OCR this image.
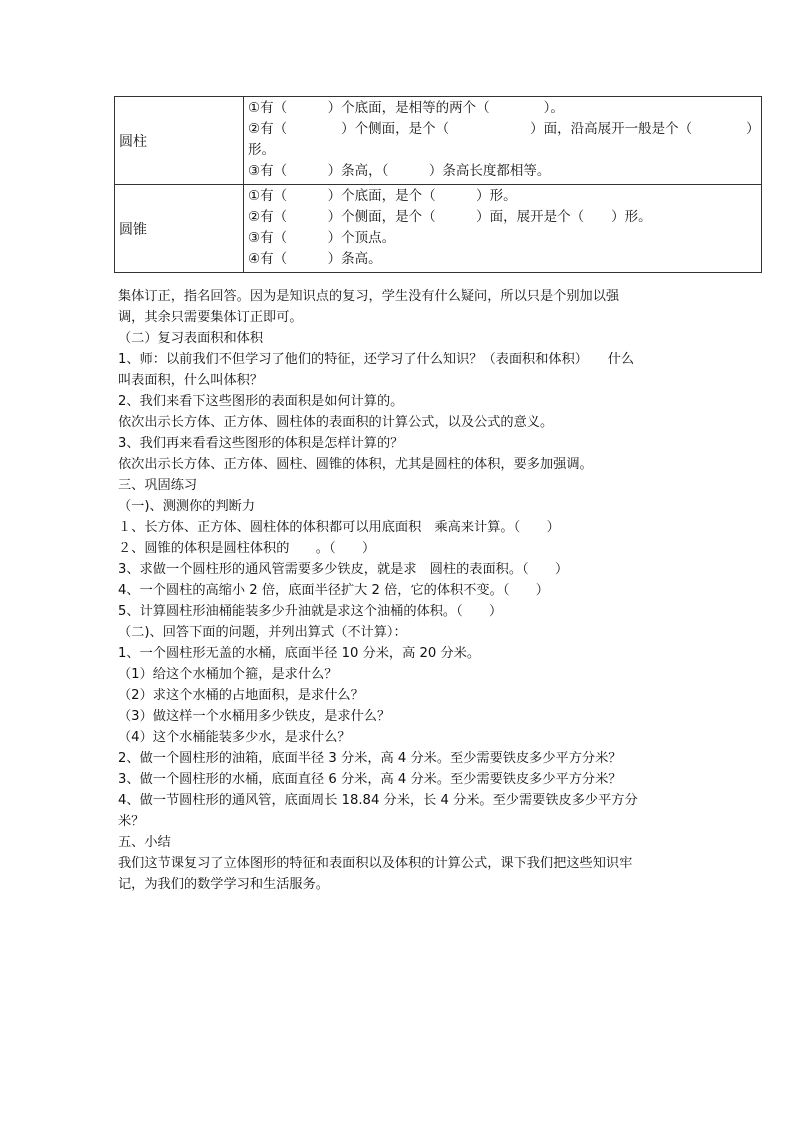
圆柱	①有（　　　）个底面，是相等的两个（　　　　）。
②有（　　　　）个侧面，是个（　　　　　　）面，沿高展开一般是个（　　　　）形。
③有（　　　）条高，（　　　）条高长度都相等。

圆锥	①有（　　　）个底面，是个（　　　）形。
②有（　　　）个侧面，是个（　　　）面，展开是个（　　）形。
③有（　　　）个顶点。
④有（　　　）条高。
集体订正，指名回答。因为是知识点的复习，学生没有什么疑问，所以只是个别加以强
调，其余只需要集体订正即可。
（二）复习表面积和体积
1、师：以前我们不但学习了他们的特征，还学习了什么知识？（表面积和体积）　　什么
叫表面积，什么叫体积？
2、我们来看下这些图形的表面积是如何计算的。
依次出示长方体、正方体、圆柱体的表面积的计算公式，以及公式的意义。
3、我们再来看看这些图形的体积是怎样计算的？
依次出示长方体、正方体、圆柱、圆锥的体积，尤其是圆柱的体积，要多加强调。
三、巩固练习
（一)、测测你的判断力
１、长方体、正方体、圆柱体的体积都可以用底面积　乘高来计算。（　　）
２、圆锥的体积是圆柱体积的　　。（　　）
3、求做一个圆柱形的通风管需要多少铁皮，就是求　圆柱的表面积。（　　）
4、一个圆柱的高缩小 2 倍，底面半径扩大 2 倍，它的体积不变。（　　）
5、计算圆柱形油桶能装多少升油就是求这个油桶的体积。（　　）
（二)、回答下面的问题，并列出算式（不计算）：
1、一个圆柱形无盖的水桶，底面半径 10 分米，高 20 分米。
（1）给这个水桶加个箍，是求什么？
（2）求这个水桶的占地面积，是求什么？
（3）做这样一个水桶用多少铁皮，是求什么？
（4）这个水桶能装多少水，是求什么？
2、做一个圆柱形的油箱，底面半径 3 分米，高 4 分米。至少需要铁皮多少平方分米？
3、做一个圆柱形的水桶，底面直径 6 分米，高 4 分米。至少需要铁皮多少平方分米？
4、做一节圆柱形的通风管，底面周长 18.84 分米，长 4 分米。至少需要铁皮多少平方分
米？
五、小结
我们这节课复习了立体图形的特征和表面积以及体积的计算公式，课下我们把这些知识牢
记，为我们的数学学习和生活服务。
